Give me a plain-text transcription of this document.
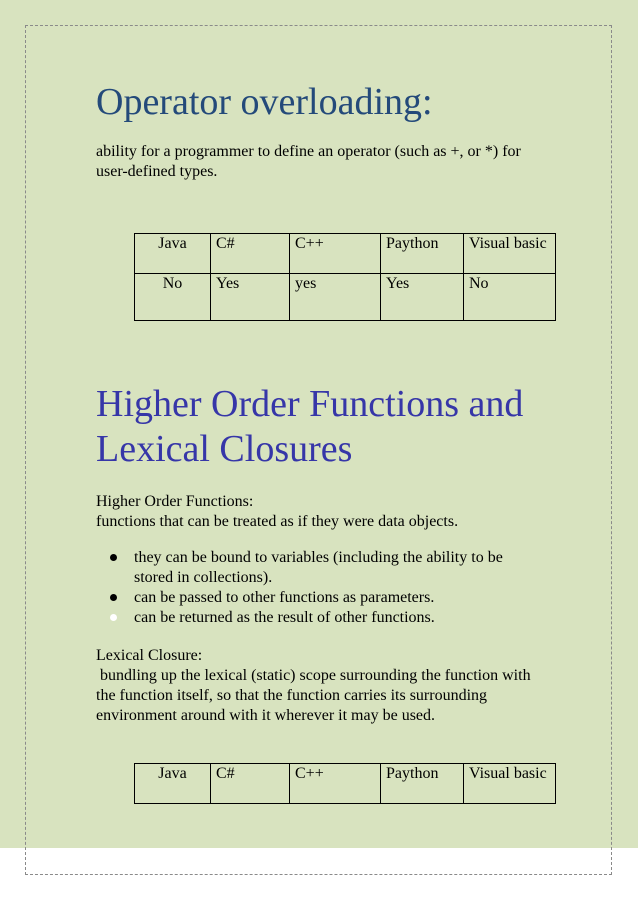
Operator overloading:

ability for a programmer to define an operator (such as +, or *) for user-defined types.

Java	C#	C++	Paython	Visual basic
No	Yes	yes	Yes	No
Higher Order Functions and Lexical Closures

Higher Order Functions:
functions that can be treated as if they were data objects.

they can be bound to variables (including the ability to be stored in collections).
can be passed to other functions as parameters.
can be returned as the result of other functions.

Lexical Closure:
bundling up the lexical (static) scope surrounding the function with the function itself, so that the function carries its surrounding environment around with it wherever it may be used.

Java	C#	C++	Paython	Visual basic
